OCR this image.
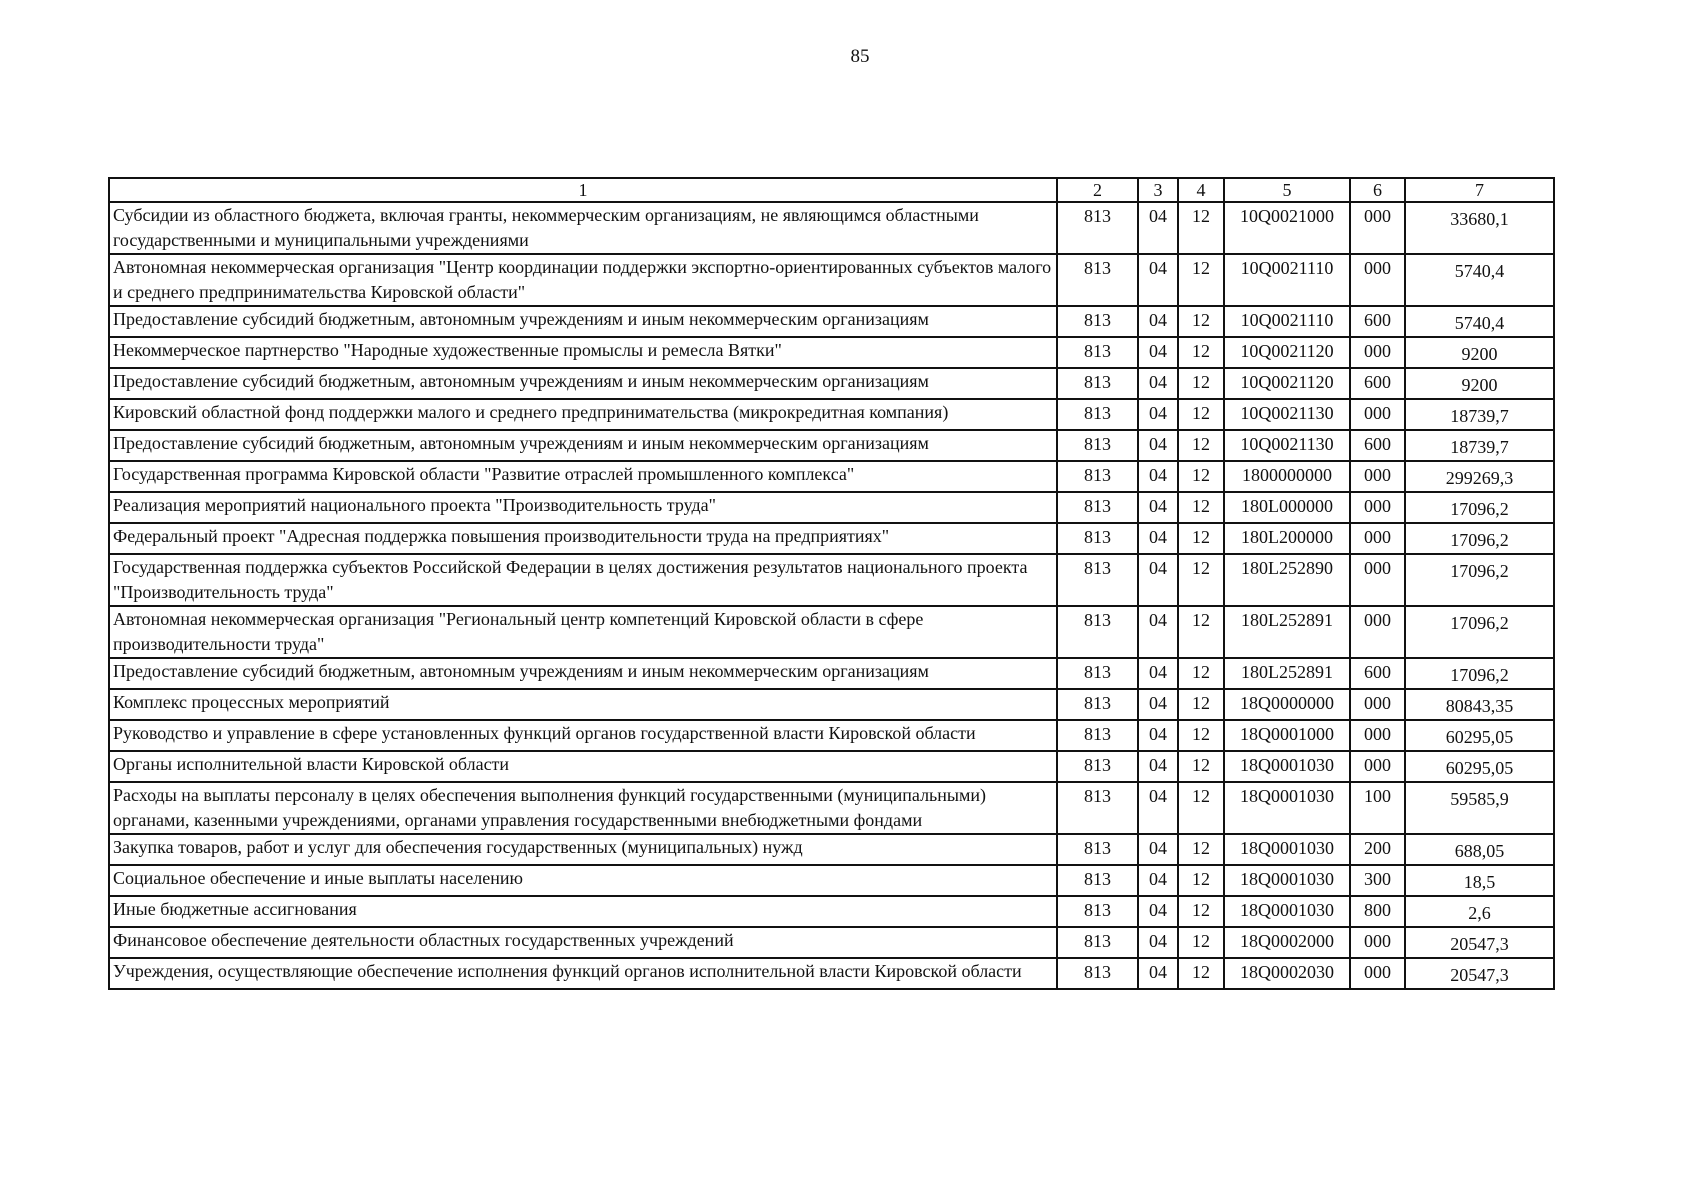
85
1	2	3	4	5	6	7
Субсидии из областного бюджета, включая гранты, некоммерческим организациям, не являющимся областными государственными и муниципальными учреждениями	813	04	12	10Q0021000	000	33680,1
Автономная некоммерческая организация "Центр координации поддержки экспортно-ориентированных субъектов малого и среднего предпринимательства Кировской области"	813	04	12	10Q0021110	000	5740,4
Предоставление субсидий бюджетным, автономным учреждениям и иным некоммерческим организациям	813	04	12	10Q0021110	600	5740,4
Некоммерческое партнерство "Народные художественные промыслы и ремесла Вятки"	813	04	12	10Q0021120	000	9200
Предоставление субсидий бюджетным, автономным учреждениям и иным некоммерческим организациям	813	04	12	10Q0021120	600	9200
Кировский областной фонд поддержки малого и среднего предпринимательства (микрокредитная компания)	813	04	12	10Q0021130	000	18739,7
Предоставление субсидий бюджетным, автономным учреждениям и иным некоммерческим организациям	813	04	12	10Q0021130	600	18739,7
Государственная программа Кировской области "Развитие отраслей промышленного комплекса"	813	04	12	1800000000	000	299269,3
Реализация мероприятий национального проекта "Производительность труда"	813	04	12	180L000000	000	17096,2
Федеральный проект "Адресная поддержка повышения производительности труда на предприятиях"	813	04	12	180L200000	000	17096,2
Государственная поддержка субъектов Российской Федерации в целях достижения результатов национального проекта "Производительность труда"	813	04	12	180L252890	000	17096,2
Автономная некоммерческая организация "Региональный центр компетенций Кировской области в сфере производительности труда"	813	04	12	180L252891	000	17096,2
Предоставление субсидий бюджетным, автономным учреждениям и иным некоммерческим организациям	813	04	12	180L252891	600	17096,2
Комплекс процессных мероприятий	813	04	12	18Q0000000	000	80843,35
Руководство и управление в сфере установленных функций органов государственной власти Кировской области	813	04	12	18Q0001000	000	60295,05
Органы исполнительной власти Кировской области	813	04	12	18Q0001030	000	60295,05
Расходы на выплаты персоналу в целях обеспечения выполнения функций государственными (муниципальными) органами, казенными учреждениями, органами управления государственными внебюджетными фондами	813	04	12	18Q0001030	100	59585,9
Закупка товаров, работ и услуг для обеспечения государственных (муниципальных) нужд	813	04	12	18Q0001030	200	688,05
Социальное обеспечение и иные выплаты населению	813	04	12	18Q0001030	300	18,5
Иные бюджетные ассигнования	813	04	12	18Q0001030	800	2,6
Финансовое обеспечение деятельности областных государственных учреждений	813	04	12	18Q0002000	000	20547,3
Учреждения, осуществляющие обеспечение исполнения функций органов исполнительной власти Кировской области	813	04	12	18Q0002030	000	20547,3
